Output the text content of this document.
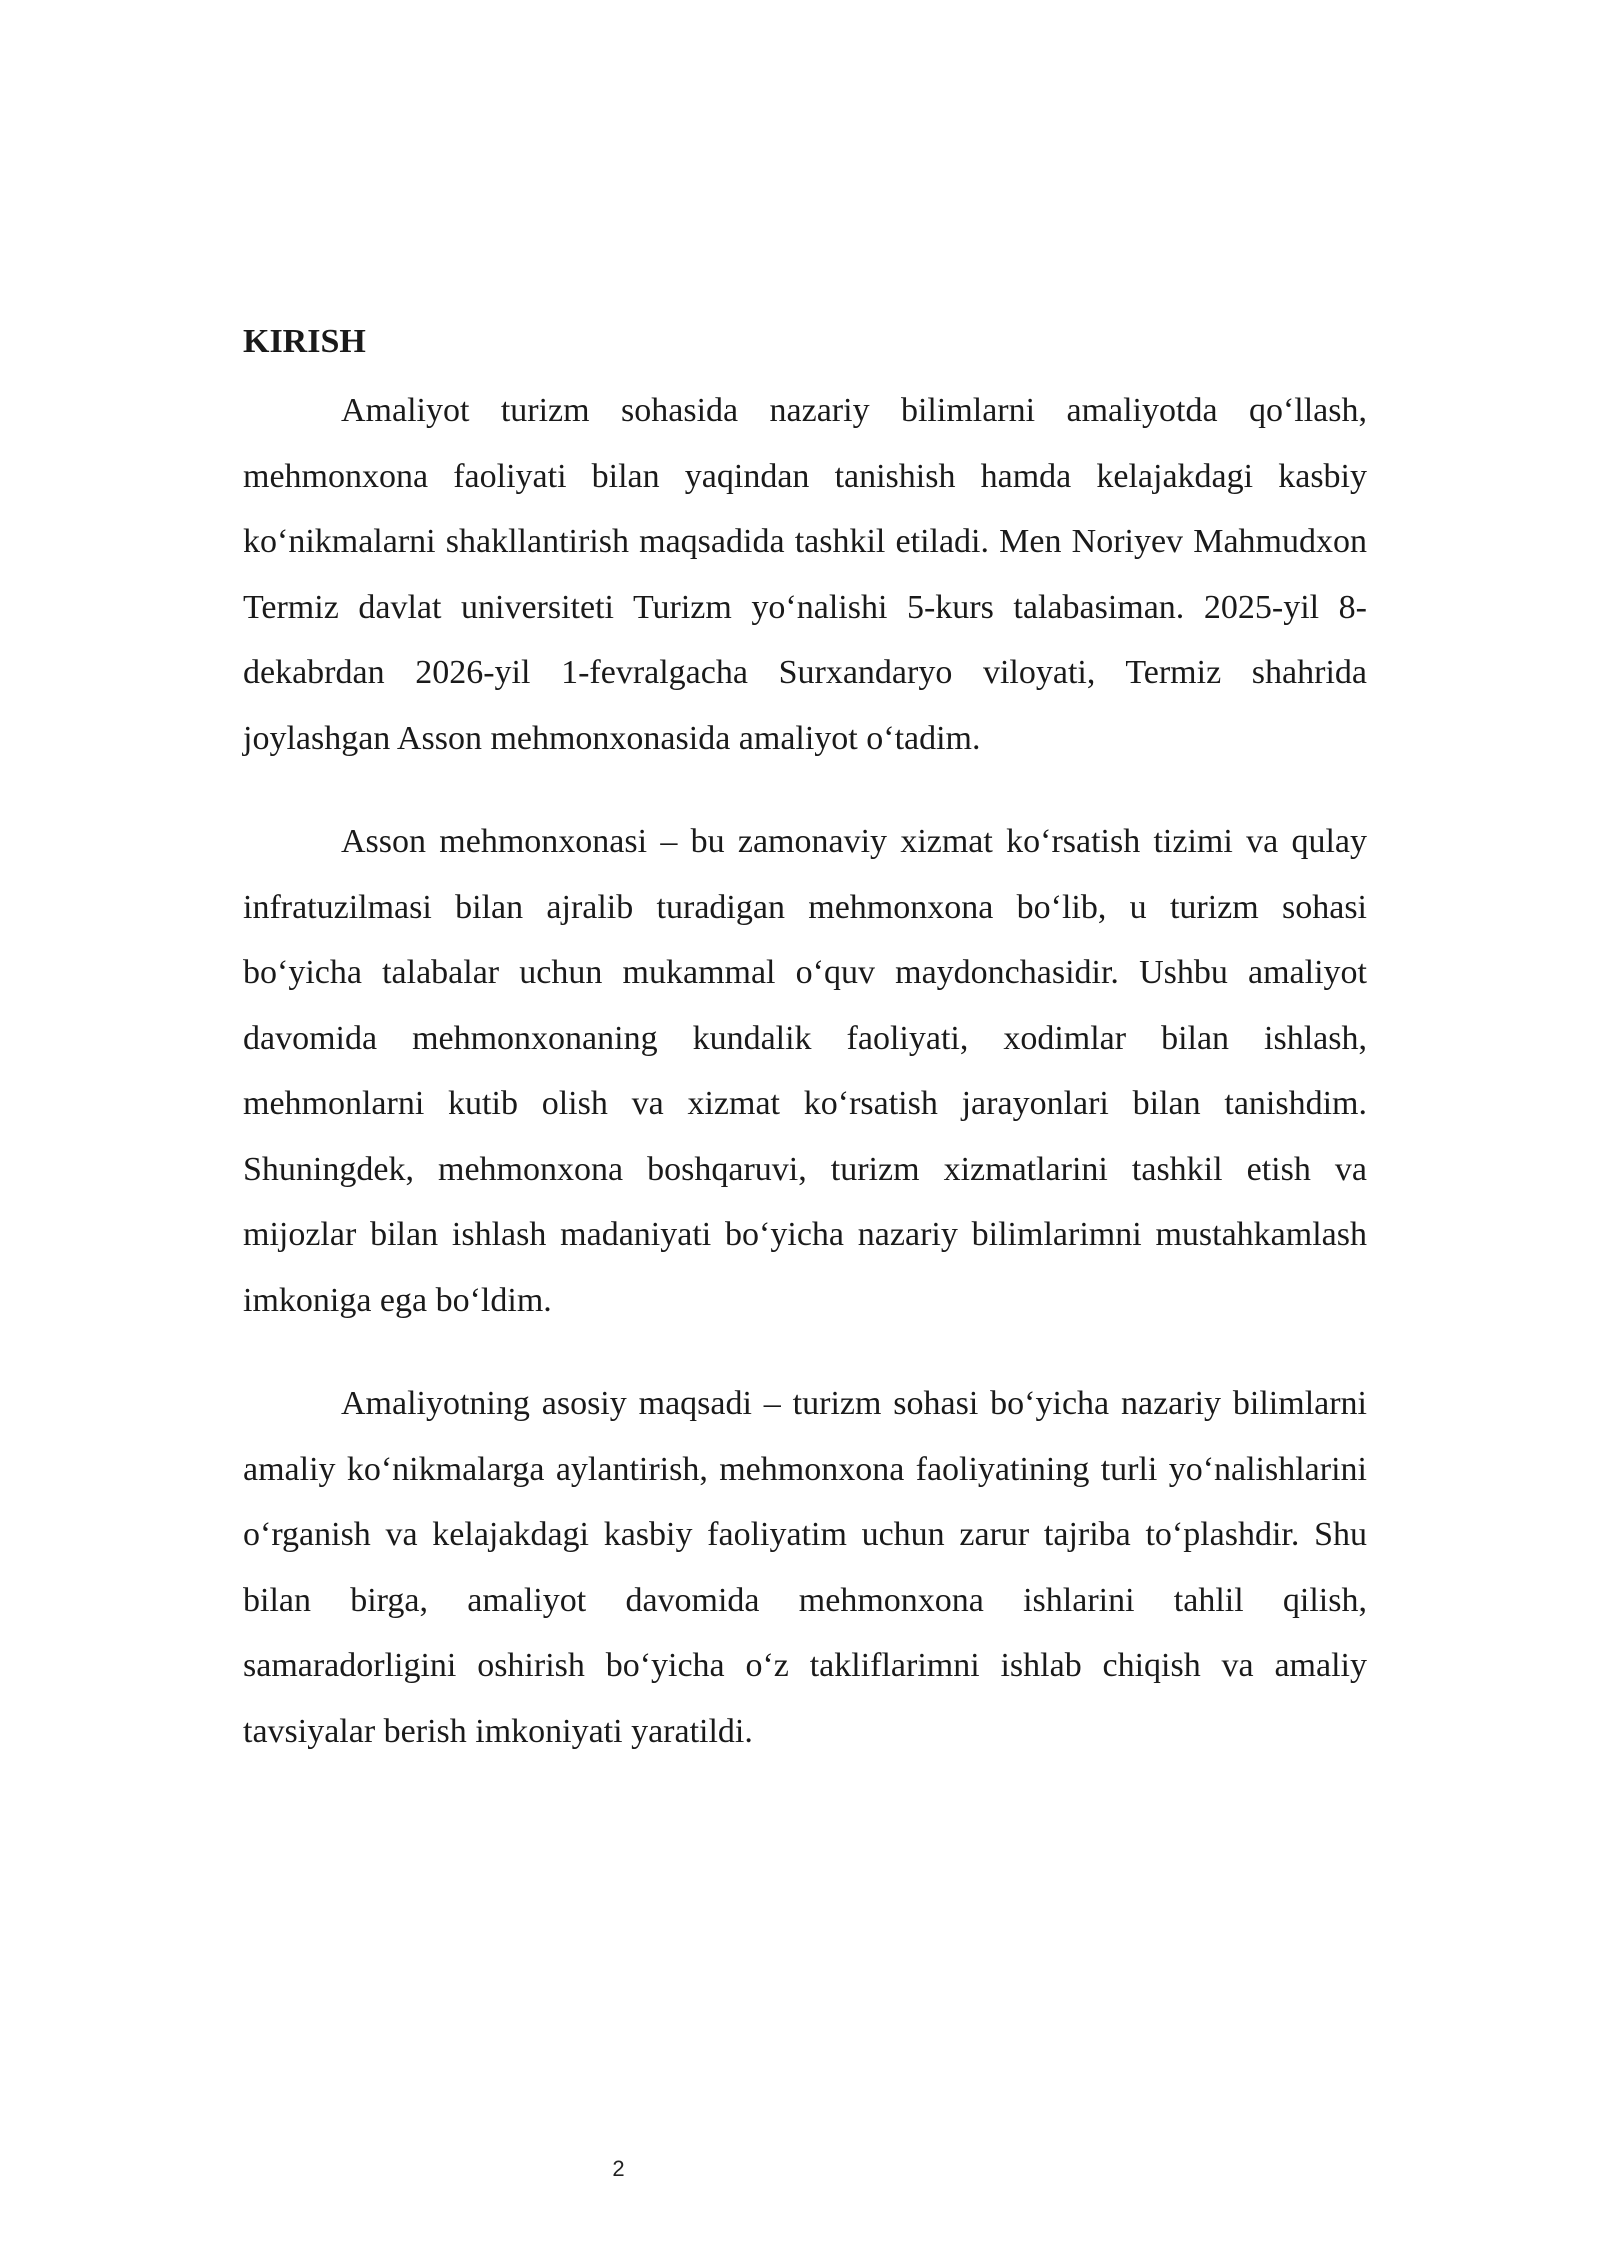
KIRISH

Amaliyot turizm sohasida nazariy bilimlarni amaliyotda qo‘llash, mehmonxona faoliyati bilan yaqindan tanishish hamda kelajakdagi kasbiy ko‘nikmalarni shakllantirish maqsadida tashkil etiladi. Men Noriyev Mahmudxon Termiz davlat universiteti Turizm yo‘nalishi 5-kurs talabasiman. 2025-yil 8-dekabrdan 2026-yil 1-fevralgacha Surxandaryo viloyati, Termiz shahrida joylashgan Asson mehmonxonasida amaliyot o‘tadim.

Asson mehmonxonasi – bu zamonaviy xizmat ko‘rsatish tizimi va qulay infratuzilmasi bilan ajralib turadigan mehmonxona bo‘lib, u turizm sohasi bo‘yicha talabalar uchun mukammal o‘quv maydonchasidir. Ushbu amaliyot davomida mehmonxonaning kundalik faoliyati, xodimlar bilan ishlash, mehmonlarni kutib olish va xizmat ko‘rsatish jarayonlari bilan tanishdim. Shuningdek, mehmonxona boshqaruvi, turizm xizmatlarini tashkil etish va mijozlar bilan ishlash madaniyati bo‘yicha nazariy bilimlarimni mustahkamlash imkoniga ega bo‘ldim.

Amaliyotning asosiy maqsadi – turizm sohasi bo‘yicha nazariy bilimlarni amaliy ko‘nikmalarga aylantirish, mehmonxona faoliyatining turli yo‘nalishlarini o‘rganish va kelajakdagi kasbiy faoliyatim uchun zarur tajriba to‘plashdir. Shu bilan birga, amaliyot davomida mehmonxona ishlarini tahlil qilish, samaradorligini oshirish bo‘yicha o‘z takliflarimni ishlab chiqish va amaliy tavsiyalar berish imkoniyati yaratildi.

2
